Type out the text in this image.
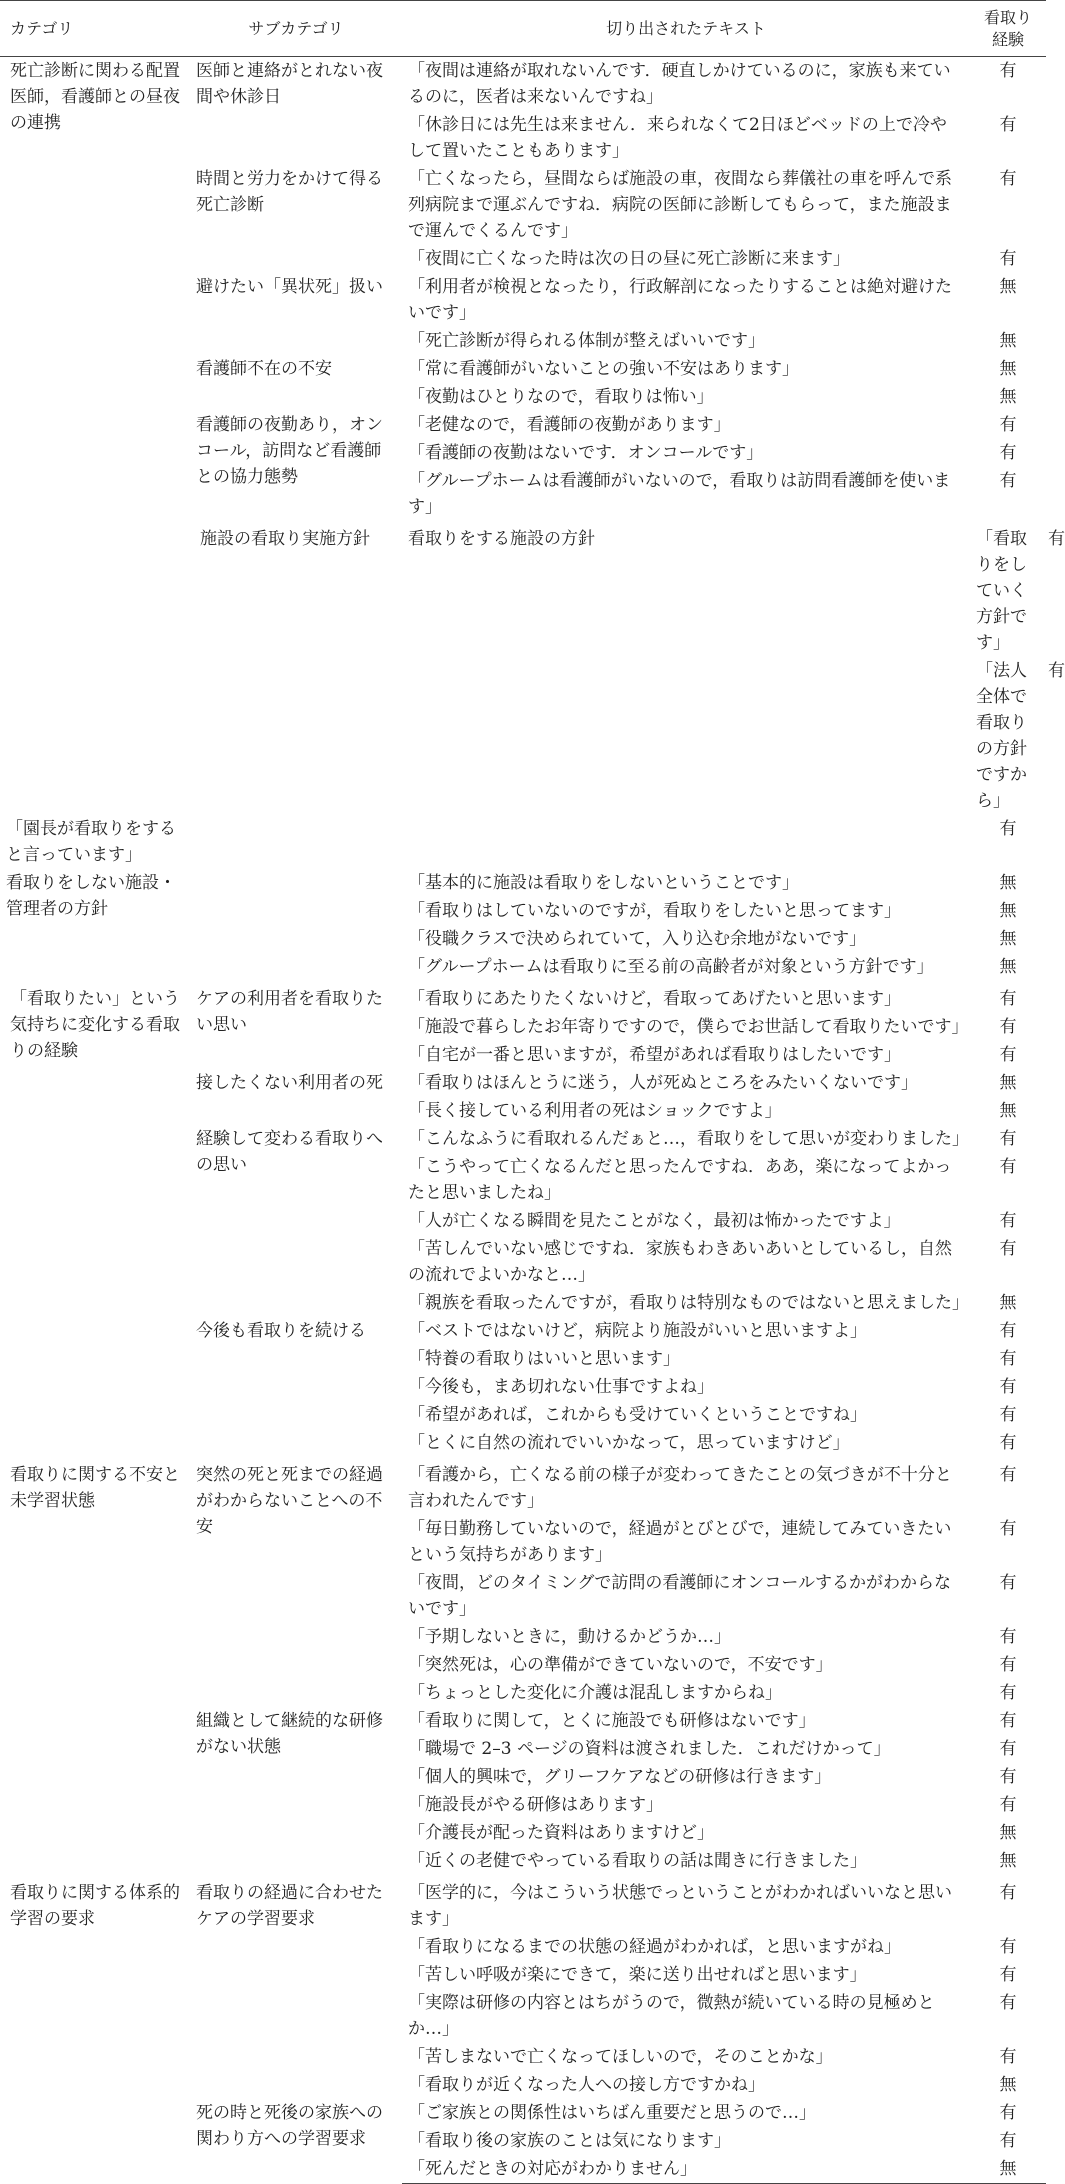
カテゴリ	サブカテゴリ	切り出されたテキスト	看取り経験	
死亡診断に関わる配置医師，看護師との昼夜の連携	医師と連絡がとれない夜間や休診日	「夜間は連絡が取れないんです．硬直しかけているのに，家族も来ているのに，医者は来ないんですね」	有	
		「休診日には先生は来ません．来られなくて2日ほどベッドの上で冷やして置いたこともあります」	有	
	時間と労力をかけて得る死亡診断	「亡くなったら，昼間ならば施設の車，夜間なら葬儀社の車を呼んで系列病院まで運ぶんですね．病院の医師に診断してもらって，また施設まで運んでくるんです」	有	
		「夜間に亡くなった時は次の日の昼に死亡診断に来ます」	有	
	避けたい「異状死」扱い	「利用者が検視となったり，行政解剖になったりすることは絶対避けたいです」	無	
		「死亡診断が得られる体制が整えばいいです」	無	
	看護師不在の不安	「常に看護師がいないことの強い不安はあります」	無	
		「夜勤はひとりなので，看取りは怖い」	無	
	看護師の夜勤あり，オンコール，訪問など看護師との協力態勢	「老健なので，看護師の夜勤があります」	有	
		「看護師の夜勤はないです．オンコールです」	有	
		「グループホームは看護師がいないので，看取りは訪問看護師を使います」	有	
	施設の看取り実施方針	看取りをする施設の方針	「看取りをしていく方針です」	有
			「法人全体で看取りの方針ですから」	有
「園長が看取りをすると言っています」			有	
看取りをしない施設・管理者の方針		「基本的に施設は看取りをしないということです」	無	
		「看取りはしていないのですが，看取りをしたいと思ってます」	無	
		「役職クラスで決められていて，入り込む余地がないです」	無	
		「グループホームは看取りに至る前の高齢者が対象という方針です」	無	
「看取りたい」という気持ちに変化する看取りの経験	ケアの利用者を看取りたい思い	「看取りにあたりたくないけど，看取ってあげたいと思います」	有	
		「施設で暮らしたお年寄りですので，僕らでお世話して看取りたいです」	有	
		「自宅が一番と思いますが，希望があれば看取りはしたいです」	有	
	接したくない利用者の死	「看取りはほんとうに迷う，人が死ぬところをみたいくないです」	無	
		「長く接している利用者の死はショックですよ」	無	
	経験して変わる看取りへの思い	「こんなふうに看取れるんだぁと…，看取りをして思いが変わりました」	有	
		「こうやって亡くなるんだと思ったんですね．ああ，楽になってよかったと思いましたね」	有	
		「人が亡くなる瞬間を見たことがなく，最初は怖かったですよ」	有	
		「苦しんでいない感じですね．家族もわきあいあいとしているし，自然の流れでよいかなと…」	有	
		「親族を看取ったんですが，看取りは特別なものではないと思えました」	無	
	今後も看取りを続ける	「ベストではないけど，病院より施設がいいと思いますよ」	有	
		「特養の看取りはいいと思います」	有	
		「今後も，まあ切れない仕事ですよね」	有	
		「希望があれば，これからも受けていくということですね」	有	
		「とくに自然の流れでいいかなって，思っていますけど」	有	
看取りに関する不安と未学習状態	突然の死と死までの経過がわからないことへの不安	「看護から，亡くなる前の様子が変わってきたことの気づきが不十分と言われたんです」	有	
		「毎日勤務していないので，経過がとびとびで，連続してみていきたいという気持ちがあります」	有	
		「夜間，どのタイミングで訪問の看護師にオンコールするかがわからないです」	有	
		「予期しないときに，動けるかどうか…」	有	
		「突然死は，心の準備ができていないので，不安です」	有	
		「ちょっとした変化に介護は混乱しますからね」	有	
	組織として継続的な研修がない状態	「看取りに関して，とくに施設でも研修はないです」	有	
		「職場で 2–3 ページの資料は渡されました．これだけかって」	有	
		「個人的興味で，グリーフケアなどの研修は行きます」	有	
		「施設長がやる研修はあります」	有	
		「介護長が配った資料はありますけど」	無	
		「近くの老健でやっている看取りの話は聞きに行きました」	無	
看取りに関する体系的学習の要求	看取りの経過に合わせたケアの学習要求	「医学的に，今はこういう状態でっということがわかればいいなと思います」	有	
		「看取りになるまでの状態の経過がわかれば，と思いますがね」	有	
		「苦しい呼吸が楽にできて，楽に送り出せればと思います」	有	
		「実際は研修の内容とはちがうので，微熱が続いている時の見極めとか…」	有	
		「苦しまないで亡くなってほしいので，そのことかな」	有	
		「看取りが近くなった人への接し方ですかね」	無	
	死の時と死後の家族への関わり方への学習要求	「ご家族との関係性はいちばん重要だと思うので…」	有	
		「看取り後の家族のことは気になります」	有	
		「死んだときの対応がわかりません」	無	
